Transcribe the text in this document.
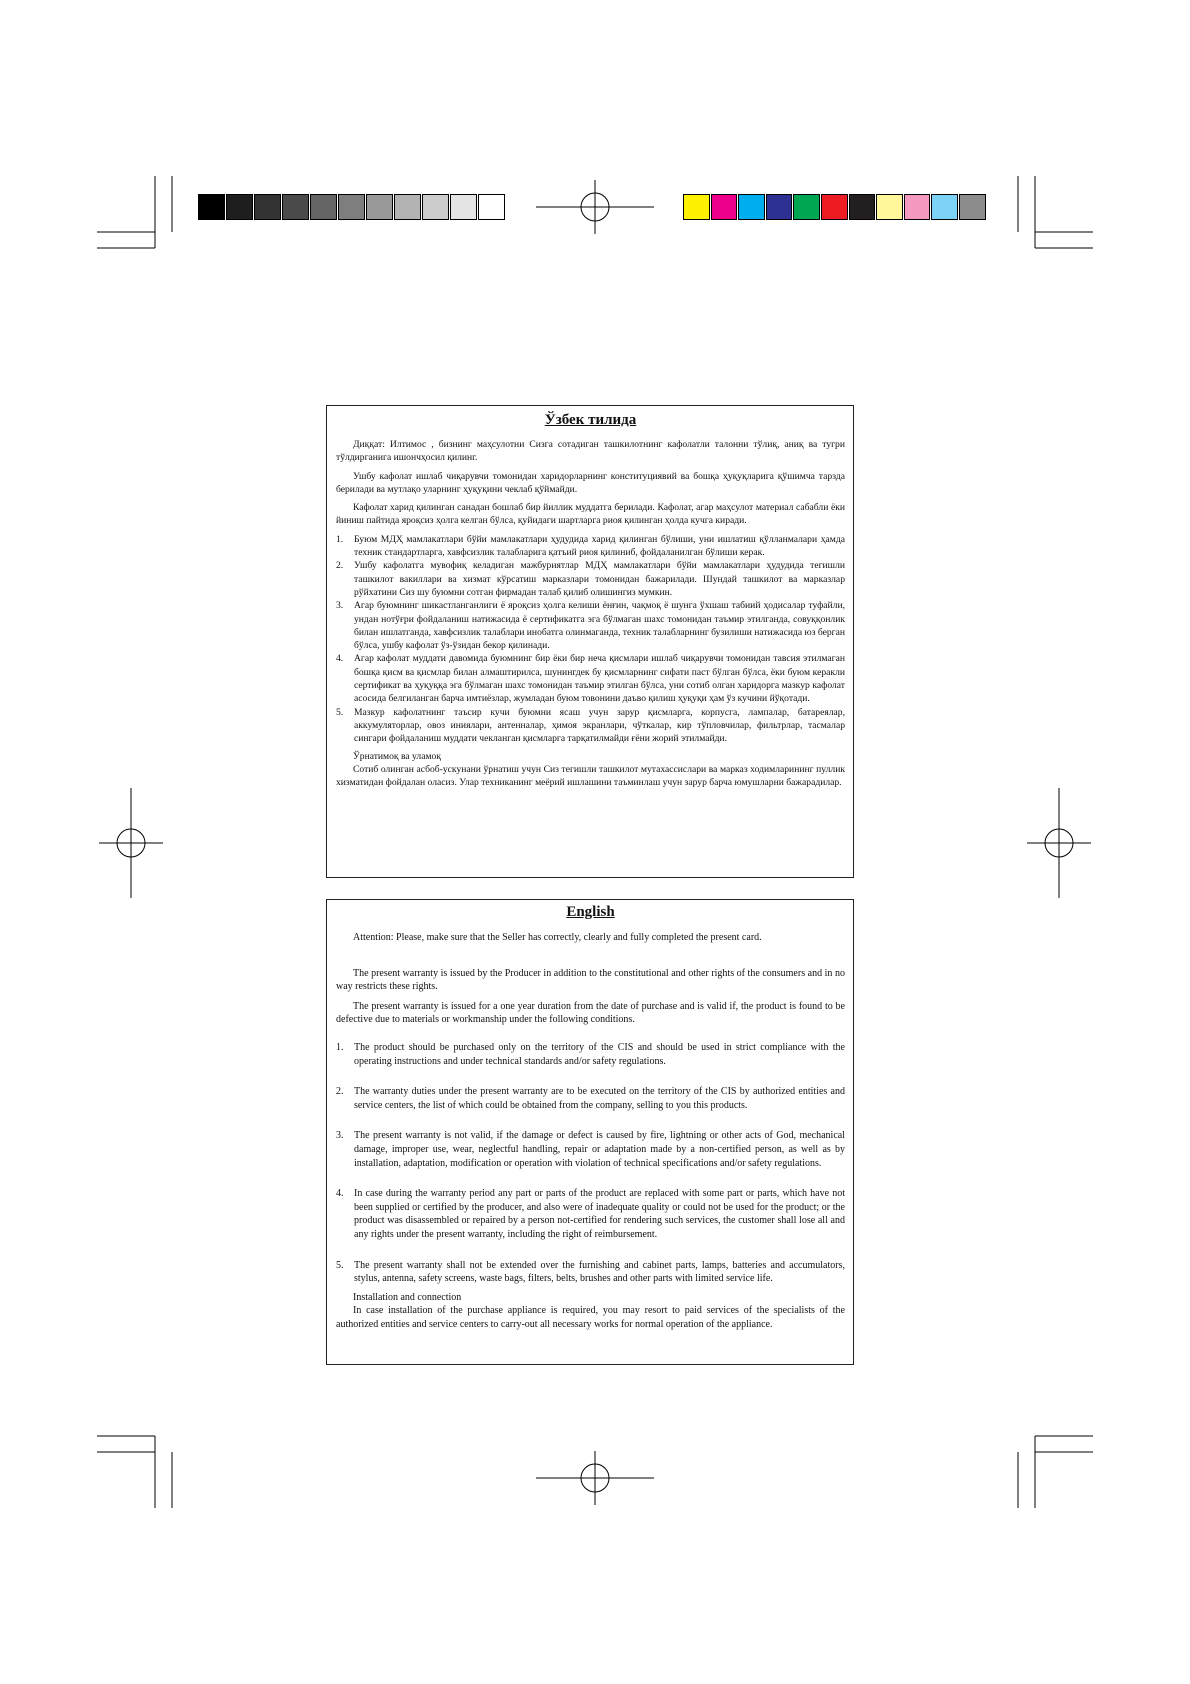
Ўзбек тилида

Диққат: Илтимос , бизнинг маҳсулотни Сизга сотадиган ташкилотнинг кафолатли талонни тўлиқ, аниқ ва тугри тўлдирганига ишончҳосил қилинг.

Ушбу кафолат ишлаб чиқарувчи томонидан харидорларнинг конституциявий ва бошқа ҳуқуқларига қўшимча тарзда берилади ва мутлақо уларнинг ҳуқуқини чеклаб қўймайди.

Кафолат харид қилинган санадан бошлаб бир йиллик муддатга берилади. Кафолат, агар маҳсулот материал сабабли ёки йиниш пайтида яроқсиз ҳолга келган бўлса, қуйидаги шартларга риоя қилинган ҳолда кучга киради.

1.	Буюм МДҲ мамлакатлари бўйи мамлакатлари ҳудудида харид қилинган бўлиши, уни ишлатиш қўлланмалари ҳамда техник стандартларга, хавфсизлик талабларига қатъий риоя қилиниб, фойдаланилган бўлиши керак.
2.	Ушбу кафолатга мувофиқ келадиган мажбуриятлар МДҲ мамлакатлари бўйи мамлакатлари ҳудудида тегишли ташкилот вакиллари ва хизмат кўрсатиш марказлари томонидан бажарилади. Шундай ташкилот ва марказлар рўйхатини Сиз шу буюмни сотган фирмадан талаб қилиб олишингиз мумкин.
3.	Агар буюмнинг шикастланганлиги ё яроқсиз ҳолга келиши ёнғин, чақмоқ ё шунга ўхшаш табиий ҳодисалар туфайли, ундан нотўғри фойдаланиш натижасида ё сертификатга эга бўлмаган шахс томонидан таъмир этилганда, совуққонлик билан ишлатганда, хавфсизлик талаблари инобатга олинмаганда, техник талабларнинг бузилиши натижасида юз берган бўлса, ушбу кафолат ўз-ўзидан бекор қилинади.
4.	Агар кафолат муддати давомида буюмнинг бир ёки бир неча қисмлари ишлаб чиқарувчи томонидан тавсия этилмаган бошқа қисм ва қисмлар билан алмаштирилса, шунингдек бу қисмларнинг сифати паст бўлган бўлса, ёки буюм керакли сертификат ва ҳуқуққа эга бўлмаган шахс томонидан таъмир этилган бўлса, уни сотиб олган харидорга мазкур кафолат асосида белгиланган барча имтиёзлар, жумладан буюм товонини даъво қилиш ҳуқуқи ҳам ўз кучини йўқотади.
5.	Мазкур кафолатнинг таъсир кучи буюмни ясаш учун зарур қисмларга, корпусга, лампалар, батареялар, аккумуляторлар, овоз иниялари, антенналар, ҳимоя экранлари, чўткалар, кир тўпловчилар, фильтрлар, тасмалар сингари фойдаланиш муддати чекланган қисмларга тарқатилмайди ғёни жорий этилмайди.

Ўрнатимоқ ва уламоқ

Сотиб олинган асбоб-ускунани ўрнатиш учун Сиз тегишли ташкилот мутахассислари ва марказ ходимларининг пуллик хизматидан фойдалан оласиз. Улар техниканинг меёрий ишлашини таъминлаш учун зарур барча юмушларни бажарадилар.

English

Attention: Please, make sure that the Seller has correctly, clearly and fully completed the present card.

The present warranty is issued by the Producer in addition to the constitutional and other rights of the consumers and in no way restricts these rights.

The present warranty is issued for a one year duration from the date of purchase and is valid if, the product is found to be defective due to materials or workmanship under the following conditions.

1.	The product should be purchased only on the territory of the CIS and should be used in strict compliance with the operating instructions and under technical standards and/or safety regulations.
2.	The warranty duties under the present warranty are to be executed on the territory of the CIS by authorized entities and service centers, the list of which could be obtained from the company, selling to you this products.
3.	The present warranty is not valid, if the damage or defect is caused by fire, lightning or other acts of God, mechanical damage, improper use, wear, neglectful handling, repair or adaptation made by a non-certified person, as well as by installation, adaptation, modification or operation with violation of technical specifications and/or safety regulations.
4.	In case during the warranty period any part or parts of the product are replaced with some part or parts, which have not been supplied or certified by the producer, and also were of inadequate quality or could not be used for the product; or the product was disassembled or repaired by a person not-certified for rendering such services, the customer shall lose all and any rights under the present warranty, including the right of reimbursement.
5.	The present warranty shall not be extended over the furnishing and cabinet parts, lamps, batteries and accumulators, stylus, antenna, safety screens, waste bags, filters, belts, brushes and other parts with limited service life.

Installation and connection

In case installation of the purchase appliance is required, you may resort to paid services of the specialists of the authorized entities and service centers to carry-out all necessary works for normal operation of the appliance.
